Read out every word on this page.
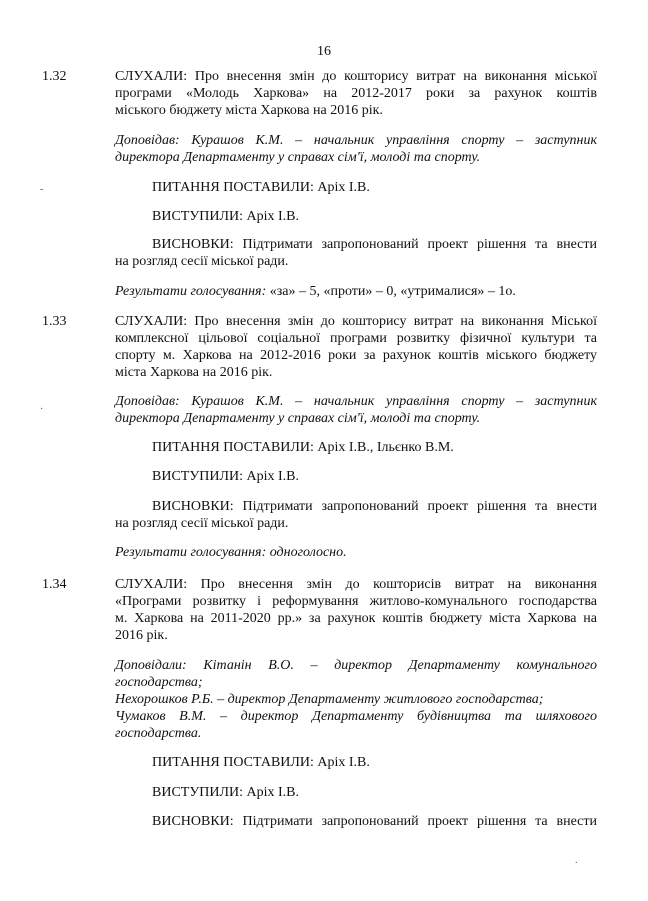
16
1.32	СЛУХАЛИ: Про внесення змін до кошторису витрат на виконання міської
програми «Молодь Харкова» на 2012-2017 роки за рахунок коштів
міського бюджету міста Харкова на 2016 рік.
Доповідав: Курашов К.М. – начальник управління спорту – заступник
директора Департаменту у справах сім'ї, молоді та спорту.
ПИТАННЯ ПОСТАВИЛИ: Аріх І.В.
ВИСТУПИЛИ: Аріх І.В.
ВИСНОВКИ: Підтримати запропонований проект рішення та внести
на розгляд сесії міської ради.
Результати голосування: «за» – 5, «проти» – 0, «утрималися» – 1о.
-
1.33	СЛУХАЛИ: Про внесення змін до кошторису витрат на виконання Міської
комплексної цільової соціальної програми розвитку фізичної культури та
спорту м. Харкова на 2012-2016 роки за рахунок коштів міського бюджету
міста Харкова на 2016 рік.
Доповідав: Курашов К.М. – начальник управління спорту – заступник
директора Департаменту у справах сім'ї, молоді та спорту.
ПИТАННЯ ПОСТАВИЛИ: Аріх І.В., Ільєнко В.М.
ВИСТУПИЛИ: Аріх І.В.
ВИСНОВКИ: Підтримати запропонований проект рішення та внести
на розгляд сесії міської ради.
Результати голосування: одноголосно.
·
1.34	СЛУХАЛИ: Про внесення змін до кошторисів витрат на виконання
«Програми розвитку і реформування житлово-комунального господарства
м. Харкова на 2011-2020 рр.» за рахунок коштів бюджету міста Харкова на
2016 рік.
Доповідали: Кітанін В.О. – директор Департаменту комунального
господарства;
Нехорошков Р.Б. – директор Департаменту житлового господарства;
Чумаков В.М. – директор Департаменту будівництва та шляхового
господарства.
ПИТАННЯ ПОСТАВИЛИ: Аріх І.В.
ВИСТУПИЛИ: Аріх І.В.
ВИСНОВКИ: Підтримати запропонований проект рішення та внести
.
